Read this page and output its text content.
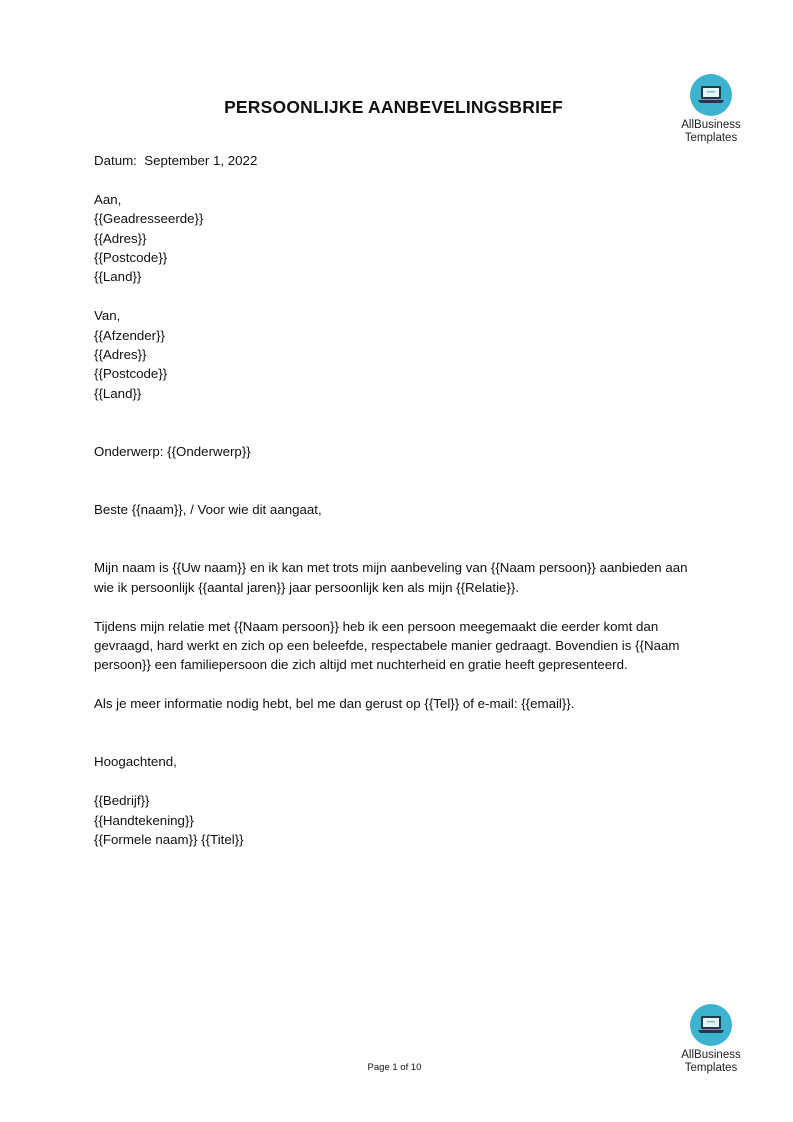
AllBusiness
Templates
PERSOONLIJKE AANBEVELINGSBRIEF
Datum:  September 1, 2022
Aan,
{{Geadresseerde}}
{{Adres}}
{{Postcode}}
{{Land}}
Van,
{{Afzender}}
{{Adres}}
{{Postcode}}
{{Land}}
Onderwerp: {{Onderwerp}}
Beste {{naam}}, / Voor wie dit aangaat,
Mijn naam is {{Uw naam}} en ik kan met trots mijn aanbeveling van {{Naam persoon}} aanbieden aan
wie ik persoonlijk {{aantal jaren}} jaar persoonlijk ken als mijn {{Relatie}}.
Tijdens mijn relatie met {{Naam persoon}} heb ik een persoon meegemaakt die eerder komt dan
gevraagd, hard werkt en zich op een beleefde, respectabele manier gedraagt. Bovendien is {{Naam
persoon}} een familiepersoon die zich altijd met nuchterheid en gratie heeft gepresenteerd.
Als je meer informatie nodig hebt, bel me dan gerust op {{Tel}} of e-mail: {{email}}.
Hoogachtend,
{{Bedrijf}}
{{Handtekening}}
{{Formele naam}} {{Titel}}
AllBusiness
Templates
Page 1 of 10
